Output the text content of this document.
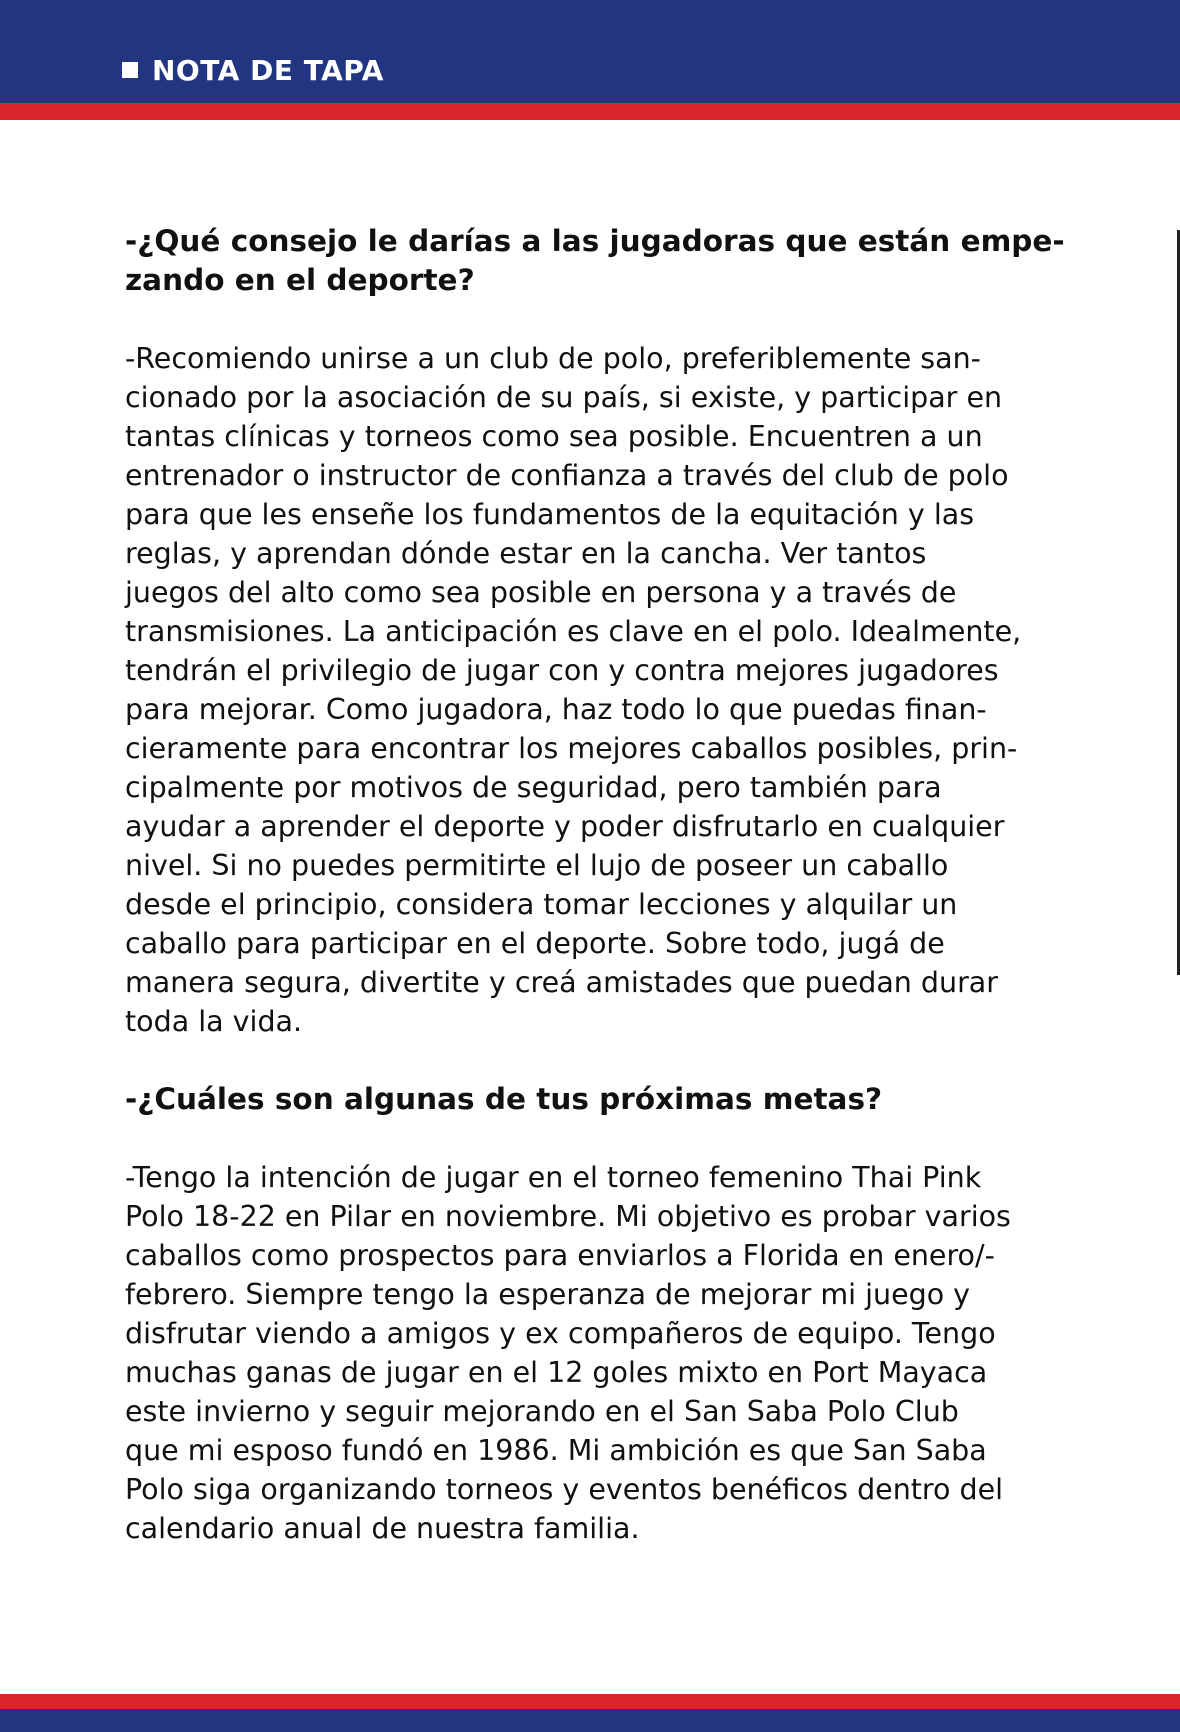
NOTA DE TAPA

-¿Qué consejo le darías a las jugadoras que están empe-
zando en el deporte?

-Recomiendo unirse a un club de polo, preferiblemente san-
cionado por la asociación de su país, si existe, y participar en
tantas clínicas y torneos como sea posible. Encuentren a un
entrenador o instructor de confianza a través del club de polo
para que les enseñe los fundamentos de la equitación y las
reglas, y aprendan dónde estar en la cancha. Ver tantos
juegos del alto como sea posible en persona y a través de
transmisiones. La anticipación es clave en el polo. Idealmente,
tendrán el privilegio de jugar con y contra mejores jugadores
para mejorar. Como jugadora, haz todo lo que puedas finan-
cieramente para encontrar los mejores caballos posibles, prin-
cipalmente por motivos de seguridad, pero también para
ayudar a aprender el deporte y poder disfrutarlo en cualquier
nivel. Si no puedes permitirte el lujo de poseer un caballo
desde el principio, considera tomar lecciones y alquilar un
caballo para participar en el deporte. Sobre todo, jugá de
manera segura, divertite y creá amistades que puedan durar
toda la vida.

-¿Cuáles son algunas de tus próximas metas?

-Tengo la intención de jugar en el torneo femenino Thai Pink
Polo 18-22 en Pilar en noviembre. Mi objetivo es probar varios
caballos como prospectos para enviarlos a Florida en enero/-
febrero. Siempre tengo la esperanza de mejorar mi juego y
disfrutar viendo a amigos y ex compañeros de equipo. Tengo
muchas ganas de jugar en el 12 goles mixto en Port Mayaca
este invierno y seguir mejorando en el San Saba Polo Club
que mi esposo fundó en 1986. Mi ambición es que San Saba
Polo siga organizando torneos y eventos benéficos dentro del
calendario anual de nuestra familia.
